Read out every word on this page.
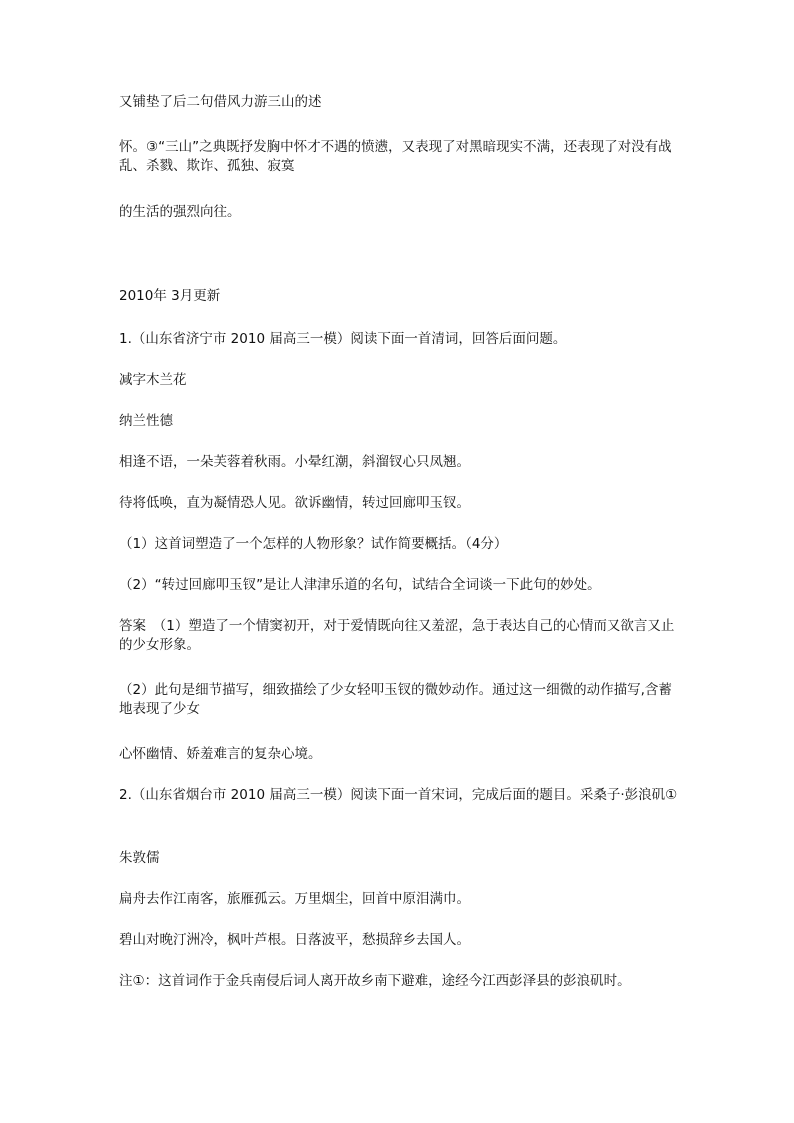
又铺垫了后二句借风力游三山的述
怀。③“三山”之典既抒发胸中怀才不遇的愤懑，又表现了对黑暗现实不满，还表现了对没有战乱、杀戮、欺诈、孤独、寂寞
的生活的强烈向往。
2010年 3月更新
1.（山东省济宁市 2010 届高三一模）阅读下面一首清词，回答后面问题。
减字木兰花
纳兰性德
相逢不语，一朵芙蓉着秋雨。小晕红潮，斜溜钗心只凤翘。
待将低唤，直为凝情恐人见。欲诉幽情，转过回廊叩玉钗。
（1）这首词塑造了一个怎样的人物形象？试作简要概括。（4分）
（2）“转过回廊叩玉钗”是让人津津乐道的名句，试结合全词谈一下此句的妙处。
答案　（1）塑造了一个情窦初开，对于爱情既向往又羞涩，急于表达自己的心情而又欲言又止的少女形象。
（2）此句是细节描写，细致描绘了少女轻叩玉钗的微妙动作。通过这一细微的动作描写,含蓄地表现了少女
心怀幽情、娇羞难言的复杂心境。
2.（山东省烟台市 2010 届高三一模）阅读下面一首宋词，完成后面的题目。采桑子·彭浪矶①
朱敦儒
扁舟去作江南客，旅雁孤云。万里烟尘，回首中原泪满巾。
碧山对晚汀洲冷，枫叶芦根。日落波平，愁损辞乡去国人。
注①：这首词作于金兵南侵后词人离开故乡南下避难，途经今江西彭泽县的彭浪矶时。
